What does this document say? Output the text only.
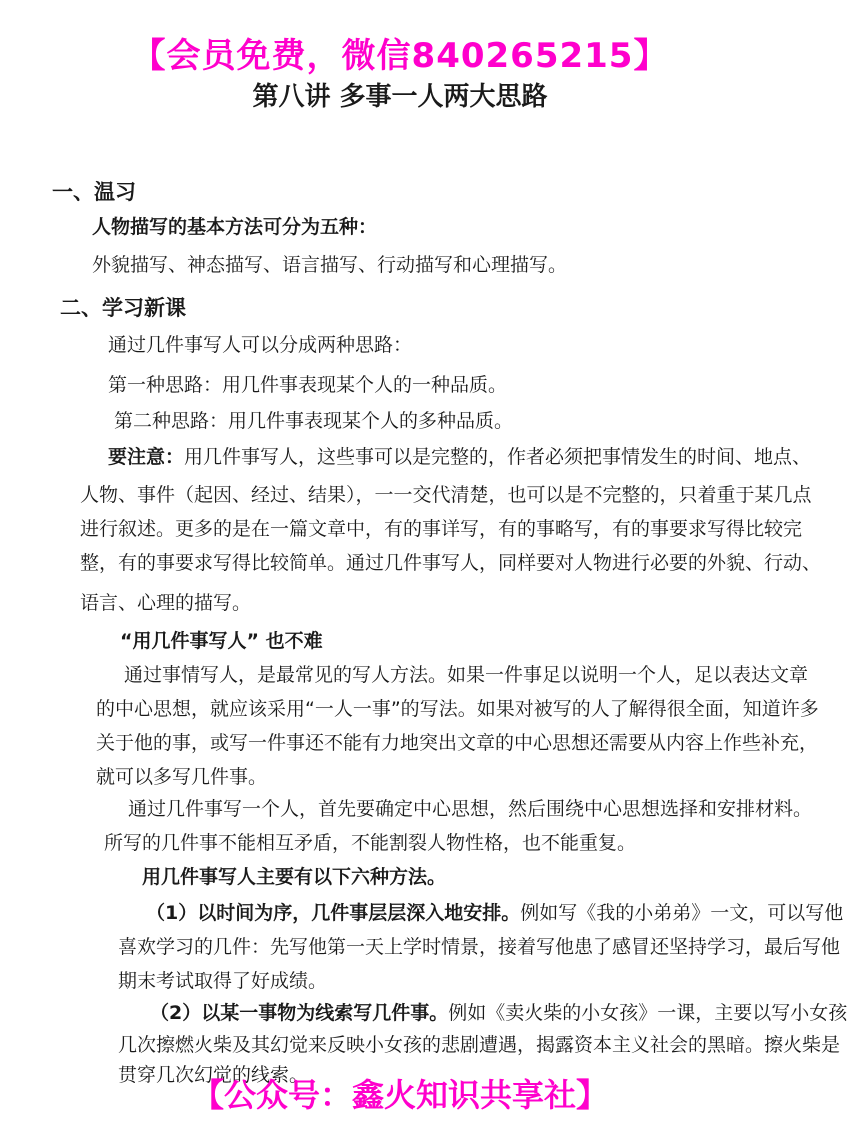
【会员免费，微信840265215】
第八讲 多事一人两大思路
一、温习
人物描写的基本方法可分为五种：
外貌描写、神态描写、语言描写、行动描写和心理描写。
二、学习新课
通过几件事写人可以分成两种思路：
第一种思路：用几件事表现某个人的一种品质。
第二种思路：用几件事表现某个人的多种品质。
要注意：用几件事写人，这些事可以是完整的，作者必须把事情发生的时间、地点、
人物、事件（起因、经过、结果），一一交代清楚，也可以是不完整的，只着重于某几点
进行叙述。更多的是在一篇文章中，有的事详写，有的事略写，有的事要求写得比较完
整，有的事要求写得比较简单。通过几件事写人，同样要对人物进行必要的外貌、行动、
语言、心理的描写。
“用几件事写人” 也不难
通过事情写人，是最常见的写人方法。如果一件事足以说明一个人，足以表达文章
的中心思想，就应该采用“一人一事”的写法。如果对被写的人了解得很全面，知道许多
关于他的事，或写一件事还不能有力地突出文章的中心思想还需要从内容上作些补充，
就可以多写几件事。
通过几件事写一个人，首先要确定中心思想，然后围绕中心思想选择和安排材料。
所写的几件事不能相互矛盾，不能割裂人物性格，也不能重复。
用几件事写人主要有以下六种方法。
（1）以时间为序，几件事层层深入地安排。例如写《我的小弟弟》一文，可以写他
喜欢学习的几件：先写他第一天上学时情景，接着写他患了感冒还坚持学习，最后写他
期末考试取得了好成绩。
（2）以某一事物为线索写几件事。例如《卖火柴的小女孩》一课，主要以写小女孩
几次擦燃火柴及其幻觉来反映小女孩的悲剧遭遇，揭露资本主义社会的黑暗。擦火柴是
贯穿几次幻觉的线索。
【公众号：鑫火知识共享社】
